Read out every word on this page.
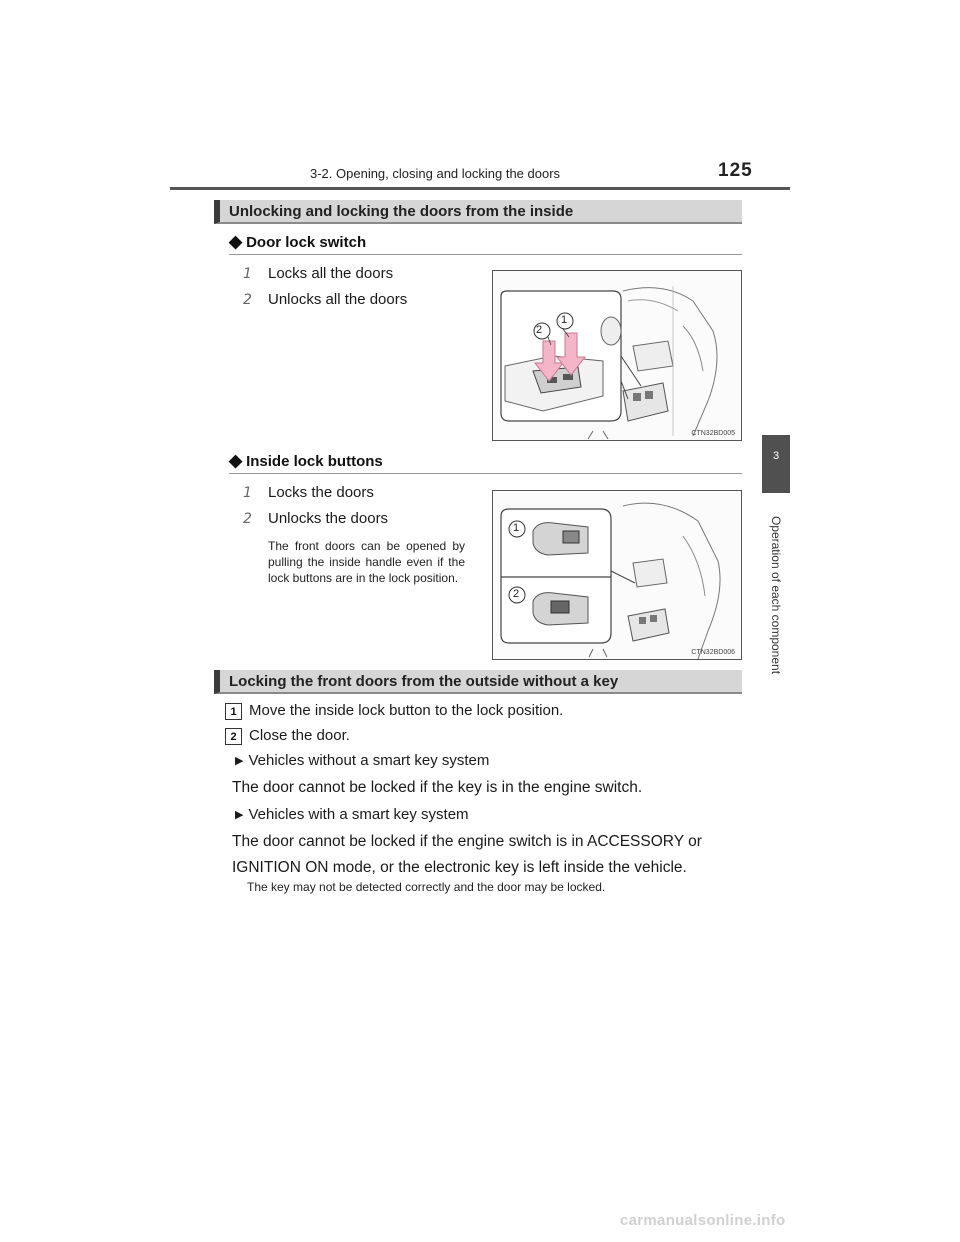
3-2. Opening, closing and locking the doors	125
3
Operation of each component
Unlocking and locking the doors from the inside
◆ Door lock switch
1 Locks all the doors
2 Unlocks all the doors
2
1
CTN32BD005
◆ Inside lock buttons
1 Locks the doors
2 Unlocks the doors
The front doors can be opened by pulling the inside handle even if the lock buttons are in the lock position.
1
2
CTN32BD006
Locking the front doors from the outside without a key
1 Move the inside lock button to the lock position.
2 Close the door.
▶ Vehicles without a smart key system
The door cannot be locked if the key is in the engine switch.
▶ Vehicles with a smart key system
The door cannot be locked if the engine switch is in ACCESSORY or IGNITION ON mode, or the electronic key is left inside the vehicle.
The key may not be detected correctly and the door may be locked.
carmanualsonline.info
